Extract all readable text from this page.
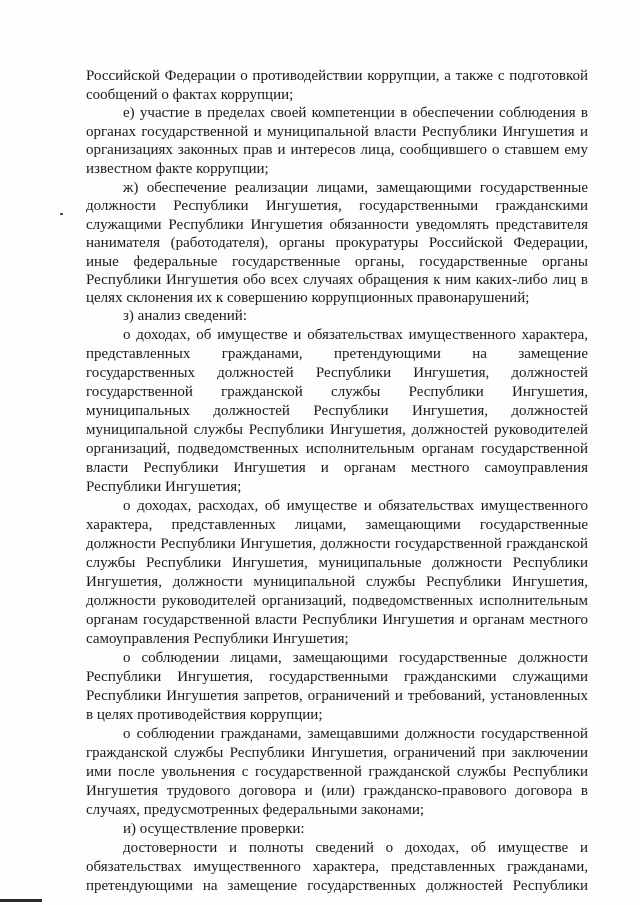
Российской Федерации о противодействии коррупции, а также с подготовкой
сообщений о фактах коррупции;
е) участие в пределах своей компетенции в обеспечении соблюдения в
органах государственной и муниципальной власти Республики Ингушетия и
организациях законных прав и интересов лица, сообщившего о ставшем ему
известном факте коррупции;
ж) обеспечение реализации лицами, замещающими государственные
должности Республики Ингушетия, государственными гражданскими
служащими Республики Ингушетия обязанности уведомлять представителя
нанимателя (работодателя), органы прокуратуры Российской Федерации,
иные федеральные государственные органы, государственные органы
Республики Ингушетия обо всех случаях обращения к ним каких-либо лиц в
целях склонения их к совершению коррупционных правонарушений;
з) анализ сведений:
о доходах, об имуществе и обязательствах имущественного характера,
представленных гражданами, претендующими на замещение
государственных должностей Республики Ингушетия, должностей
государственной гражданской службы Республики Ингушетия,
муниципальных должностей Республики Ингушетия, должностей
муниципальной службы Республики Ингушетия, должностей руководителей
организаций, подведомственных исполнительным органам государственной
власти Республики Ингушетия и органам местного самоуправления
Республики Ингушетия;
о доходах, расходах, об имуществе и обязательствах имущественного
характера, представленных лицами, замещающими государственные
должности Республики Ингушетия, должности государственной гражданской
службы Республики Ингушетия, муниципальные должности Республики
Ингушетия, должности муниципальной службы Республики Ингушетия,
должности руководителей организаций, подведомственных исполнительным
органам государственной власти Республики Ингушетия и органам местного
самоуправления Республики Ингушетия;
о соблюдении лицами, замещающими государственные должности
Республики Ингушетия, государственными гражданскими служащими
Республики Ингушетия запретов, ограничений и требований, установленных
в целях противодействия коррупции;
о соблюдении гражданами, замещавшими должности государственной
гражданской службы Республики Ингушетия, ограничений при заключении
ими после увольнения с государственной гражданской службы Республики
Ингушетия трудового договора и (или) гражданско-правового договора в
случаях, предусмотренных федеральными законами;
и) осуществление проверки:
достоверности и полноты сведений о доходах, об имуществе и
обязательствах имущественного характера, представленных гражданами,
претендующими на замещение государственных должностей Республики
